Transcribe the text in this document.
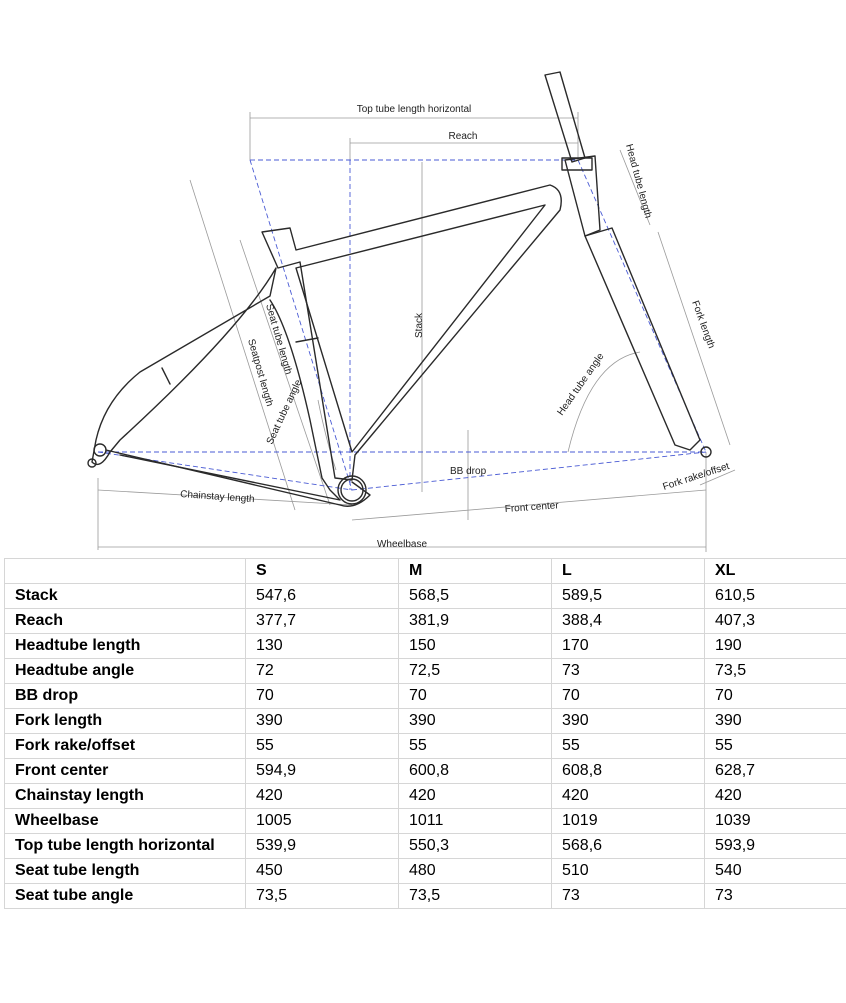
Top tube length horizontal
Reach
Head tube length
Fork length
Stack
Seat tube length
Seatpost length
Seat tube angle	Head tube angle
BB drop	Fork rake/offset
Chainstay length
Front center
Wheelbase
	S	M	L	XL
Stack	547,6	568,5	589,5	610,5
Reach	377,7	381,9	388,4	407,3
Headtube length	130	150	170	190
Headtube angle	72	72,5	73	73,5
BB drop	70	70	70	70
Fork length	390	390	390	390
Fork rake/offset	55	55	55	55
Front center	594,9	600,8	608,8	628,7
Chainstay length	420	420	420	420
Wheelbase	1005	1011	1019	1039
Top tube length horizontal	539,9	550,3	568,6	593,9
Seat tube length	450	480	510	540
Seat tube angle	73,5	73,5	73	73
